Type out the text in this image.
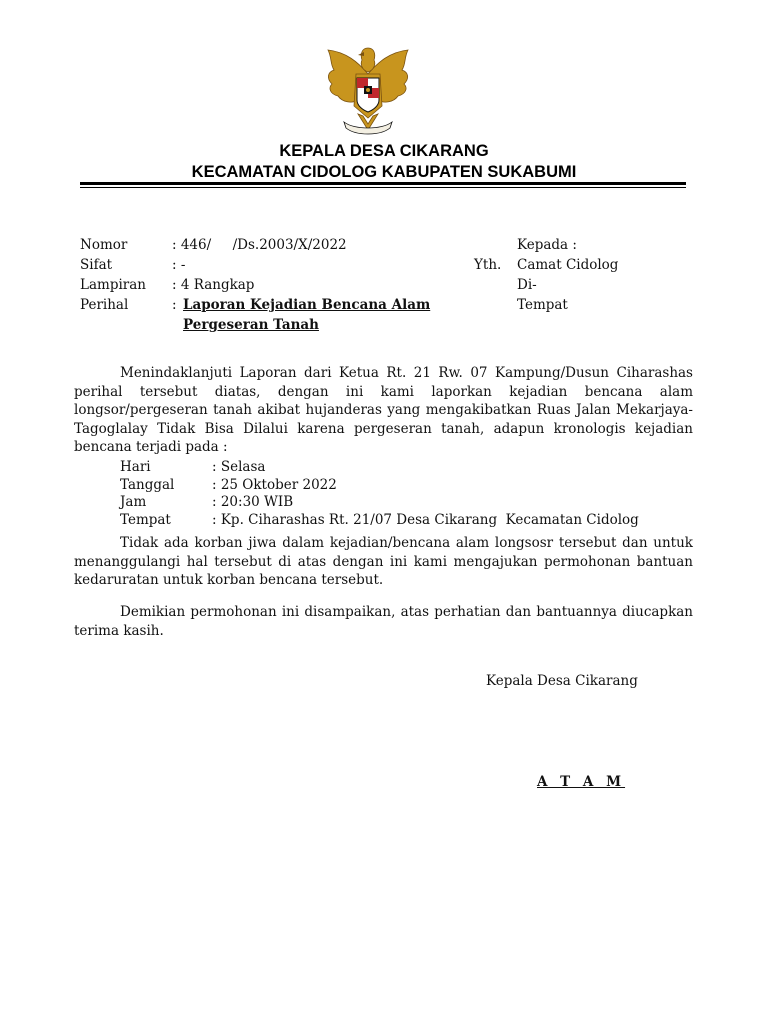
KEPALA DESA CIKARANG
KECAMATAN CIDOLOG KABUPATEN SUKABUMI
Nomor	: 446/     /Ds.2003/X/2022
Sifat	: -
Lampiran : 4 Rangkap
Perihal	: Laporan Kejadian Bencana Alam
Pergeseran Tanah
Kepada :
Yth. Camat Cidolog
Di-
Tempat
Menindaklanjuti Laporan dari Ketua Rt. 21 Rw. 07 Kampung/Dusun Ciharashas perihal tersebut diatas, dengan ini kami laporkan kejadian bencana alam longsor/pergeseran tanah akibat hujanderas yang mengakibatkan Ruas Jalan Mekarjaya-Tagoglalay Tidak Bisa Dilalui karena pergeseran tanah, adapun kronologis kejadian bencana terjadi pada :
Hari	: Selasa
Tanggal	: 25 Oktober 2022
Jam	: 20:30 WIB
Tempat	: Kp. Ciharashas Rt. 21/07 Desa Cikarang  Kecamatan Cidolog
Tidak ada korban jiwa dalam kejadian/bencana alam longsosr tersebut dan untuk menanggulangi hal tersebut di atas dengan ini kami mengajukan permohonan bantuan kedaruratan untuk korban bencana tersebut.
Demikian permohonan ini disampaikan, atas perhatian dan bantuannya diucapkan terima kasih.
Kepala Desa Cikarang
A T A M
